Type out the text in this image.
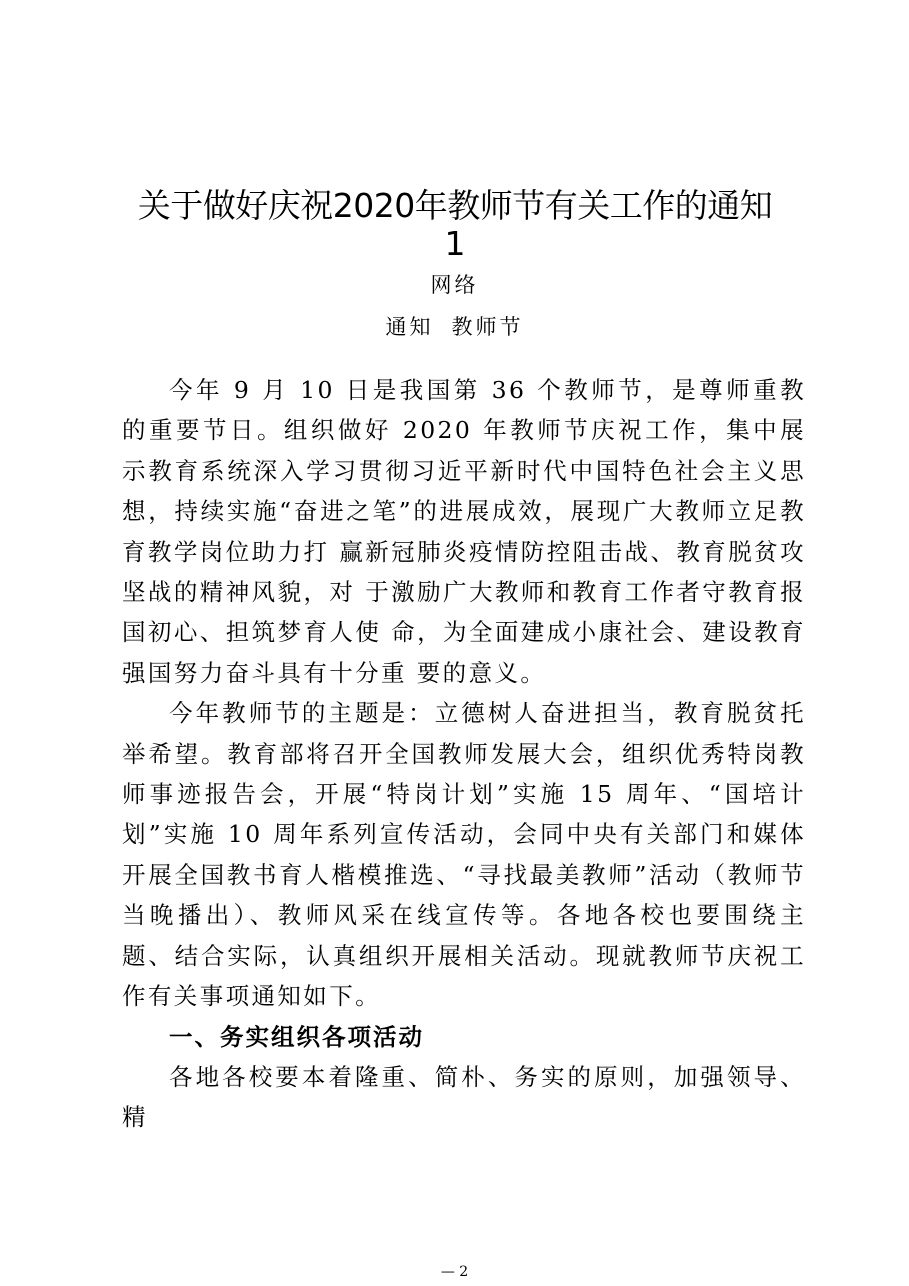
关于做好庆祝2020年教师节有关工作的通知
1
网络
通知 教师节

今年 9 月 10 日是我国第 36 个教师节，是尊师重教的重要节日。组织做好 2020 年教师节庆祝工作，集中展示教育系统深入学习贯彻习近平新时代中国特色社会主义思想，持续实施“奋进之笔”的进展成效，展现广大教师立足教育教学岗位助力打 赢新冠肺炎疫情防控阻击战、教育脱贫攻坚战的精神风貌，对 于激励广大教师和教育工作者守教育报国初心、担筑梦育人使 命，为全面建成小康社会、建设教育强国努力奋斗具有十分重 要的意义。

今年教师节的主题是：立德树人奋进担当，教育脱贫托举希望。教育部将召开全国教师发展大会，组织优秀特岗教师事迹报告会，开展“特岗计划”实施 15 周年、“国培计划”实施 10 周年系列宣传活动，会同中央有关部门和媒体开展全国教书育人楷模推选、“寻找最美教师”活动（教师节当晚播出）、教师风采在线宣传等。各地各校也要围绕主题、结合实际，认真组织开展相关活动。现就教师节庆祝工作有关事项通知如下。

一、务实组织各项活动

各地各校要本着隆重、简朴、务实的原则，加强领导、精

— 2
